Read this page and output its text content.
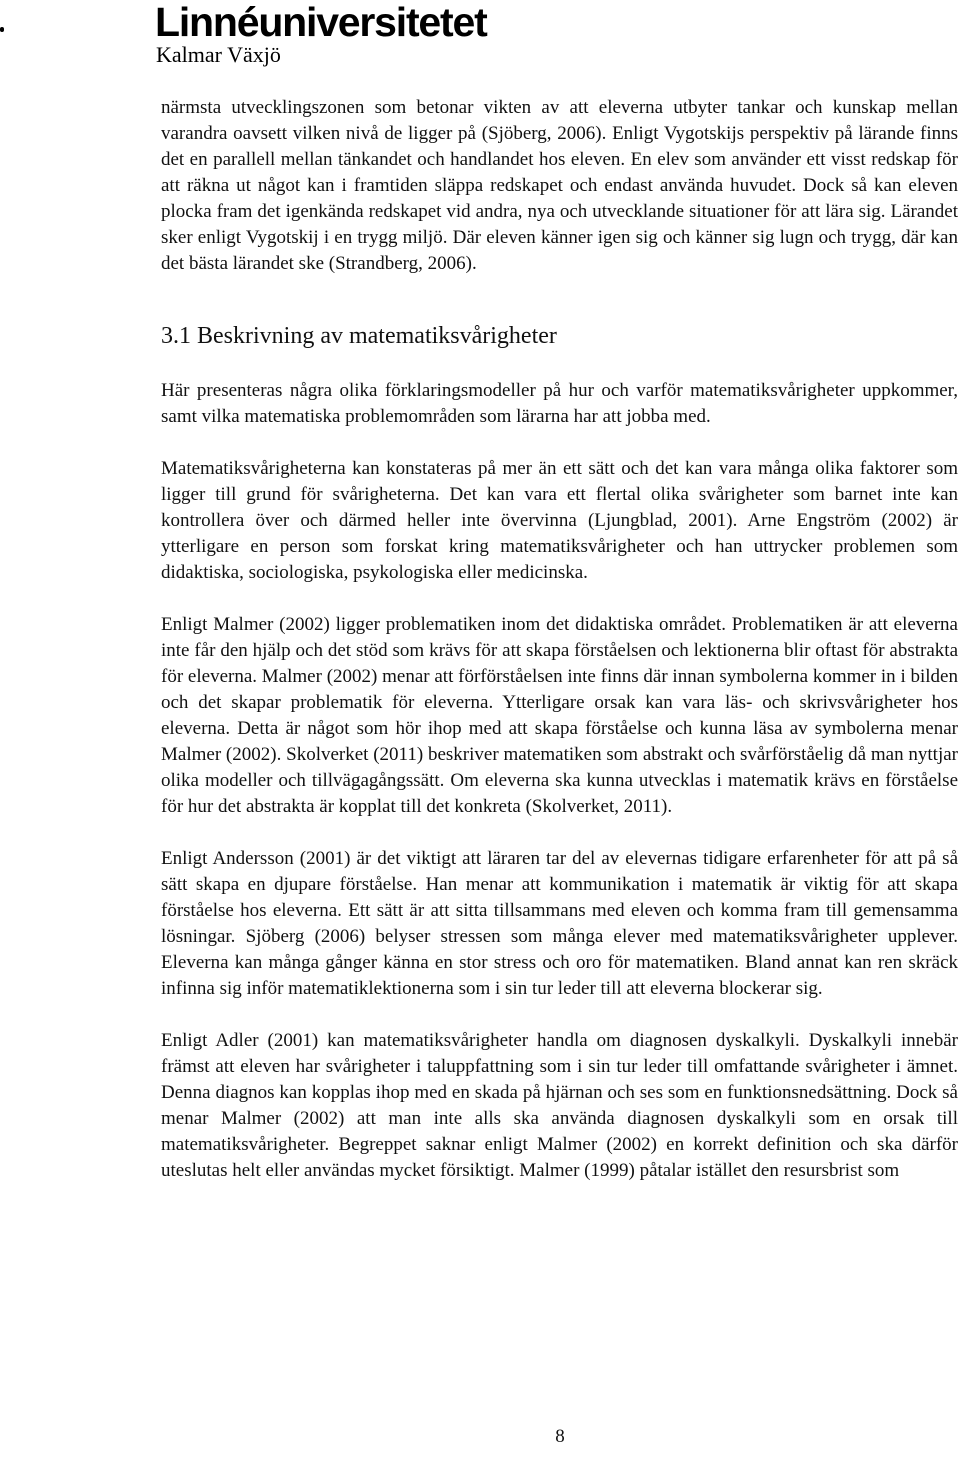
Linnéuniversitetet
Kalmar Växjö

närmsta utvecklingszonen som betonar vikten av att eleverna utbyter tankar och kunskap mellan varandra oavsett vilken nivå de ligger på (Sjöberg, 2006). Enligt Vygotskijs perspektiv på lärande finns det en parallell mellan tänkandet och handlandet hos eleven. En elev som använder ett visst redskap för att räkna ut något kan i framtiden släppa redskapet och endast använda huvudet. Dock så kan eleven plocka fram det igenkända redskapet vid andra, nya och utvecklande situationer för att lära sig. Lärandet sker enligt Vygotskij i en trygg miljö. Där eleven känner igen sig och känner sig lugn och trygg, där kan det bästa lärandet ske (Strandberg, 2006).

3.1 Beskrivning av matematiksvårigheter

Här presenteras några olika förklaringsmodeller på hur och varför matematiksvårigheter uppkommer, samt vilka matematiska problemområden som lärarna har att jobba med.

Matematiksvårigheterna kan konstateras på mer än ett sätt och det kan vara många olika faktorer som ligger till grund för svårigheterna. Det kan vara ett flertal olika svårigheter som barnet inte kan kontrollera över och därmed heller inte övervinna (Ljungblad, 2001). Arne Engström (2002) är ytterligare en person som forskat kring matematiksvårigheter och han uttrycker problemen som didaktiska, sociologiska, psykologiska eller medicinska.

Enligt Malmer (2002) ligger problematiken inom det didaktiska området. Problematiken är att eleverna inte får den hjälp och det stöd som krävs för att skapa förståelsen och lektionerna blir oftast för abstrakta för eleverna. Malmer (2002) menar att förförståelsen inte finns där innan symbolerna kommer in i bilden och det skapar problematik för eleverna. Ytterligare orsak kan vara läs- och skrivsvårigheter hos eleverna. Detta är något som hör ihop med att skapa förståelse och kunna läsa av symbolerna menar Malmer (2002). Skolverket (2011) beskriver matematiken som abstrakt och svårförståelig då man nyttjar olika modeller och tillvägagångssätt. Om eleverna ska kunna utvecklas i matematik krävs en förståelse för hur det abstrakta är kopplat till det konkreta (Skolverket, 2011).

Enligt Andersson (2001) är det viktigt att läraren tar del av elevernas tidigare erfarenheter för att på så sätt skapa en djupare förståelse. Han menar att kommunikation i matematik är viktig för att skapa förståelse hos eleverna. Ett sätt är att sitta tillsammans med eleven och komma fram till gemensamma lösningar. Sjöberg (2006) belyser stressen som många elever med matematiksvårigheter upplever. Eleverna kan många gånger känna en stor stress och oro för matematiken. Bland annat kan ren skräck infinna sig inför matematiklektionerna som i sin tur leder till att eleverna blockerar sig.

Enligt Adler (2001) kan matematiksvårigheter handla om diagnosen dyskalkyli. Dyskalkyli innebär främst att eleven har svårigheter i taluppfattning som i sin tur leder till omfattande svårigheter i ämnet. Denna diagnos kan kopplas ihop med en skada på hjärnan och ses som en funktionsnedsättning. Dock så menar Malmer (2002) att man inte alls ska använda diagnosen dyskalkyli som en orsak till matematiksvårigheter. Begreppet saknar enligt Malmer (2002) en korrekt definition och ska därför uteslutas helt eller användas mycket försiktigt. Malmer (1999) påtalar istället den resursbrist som

8
